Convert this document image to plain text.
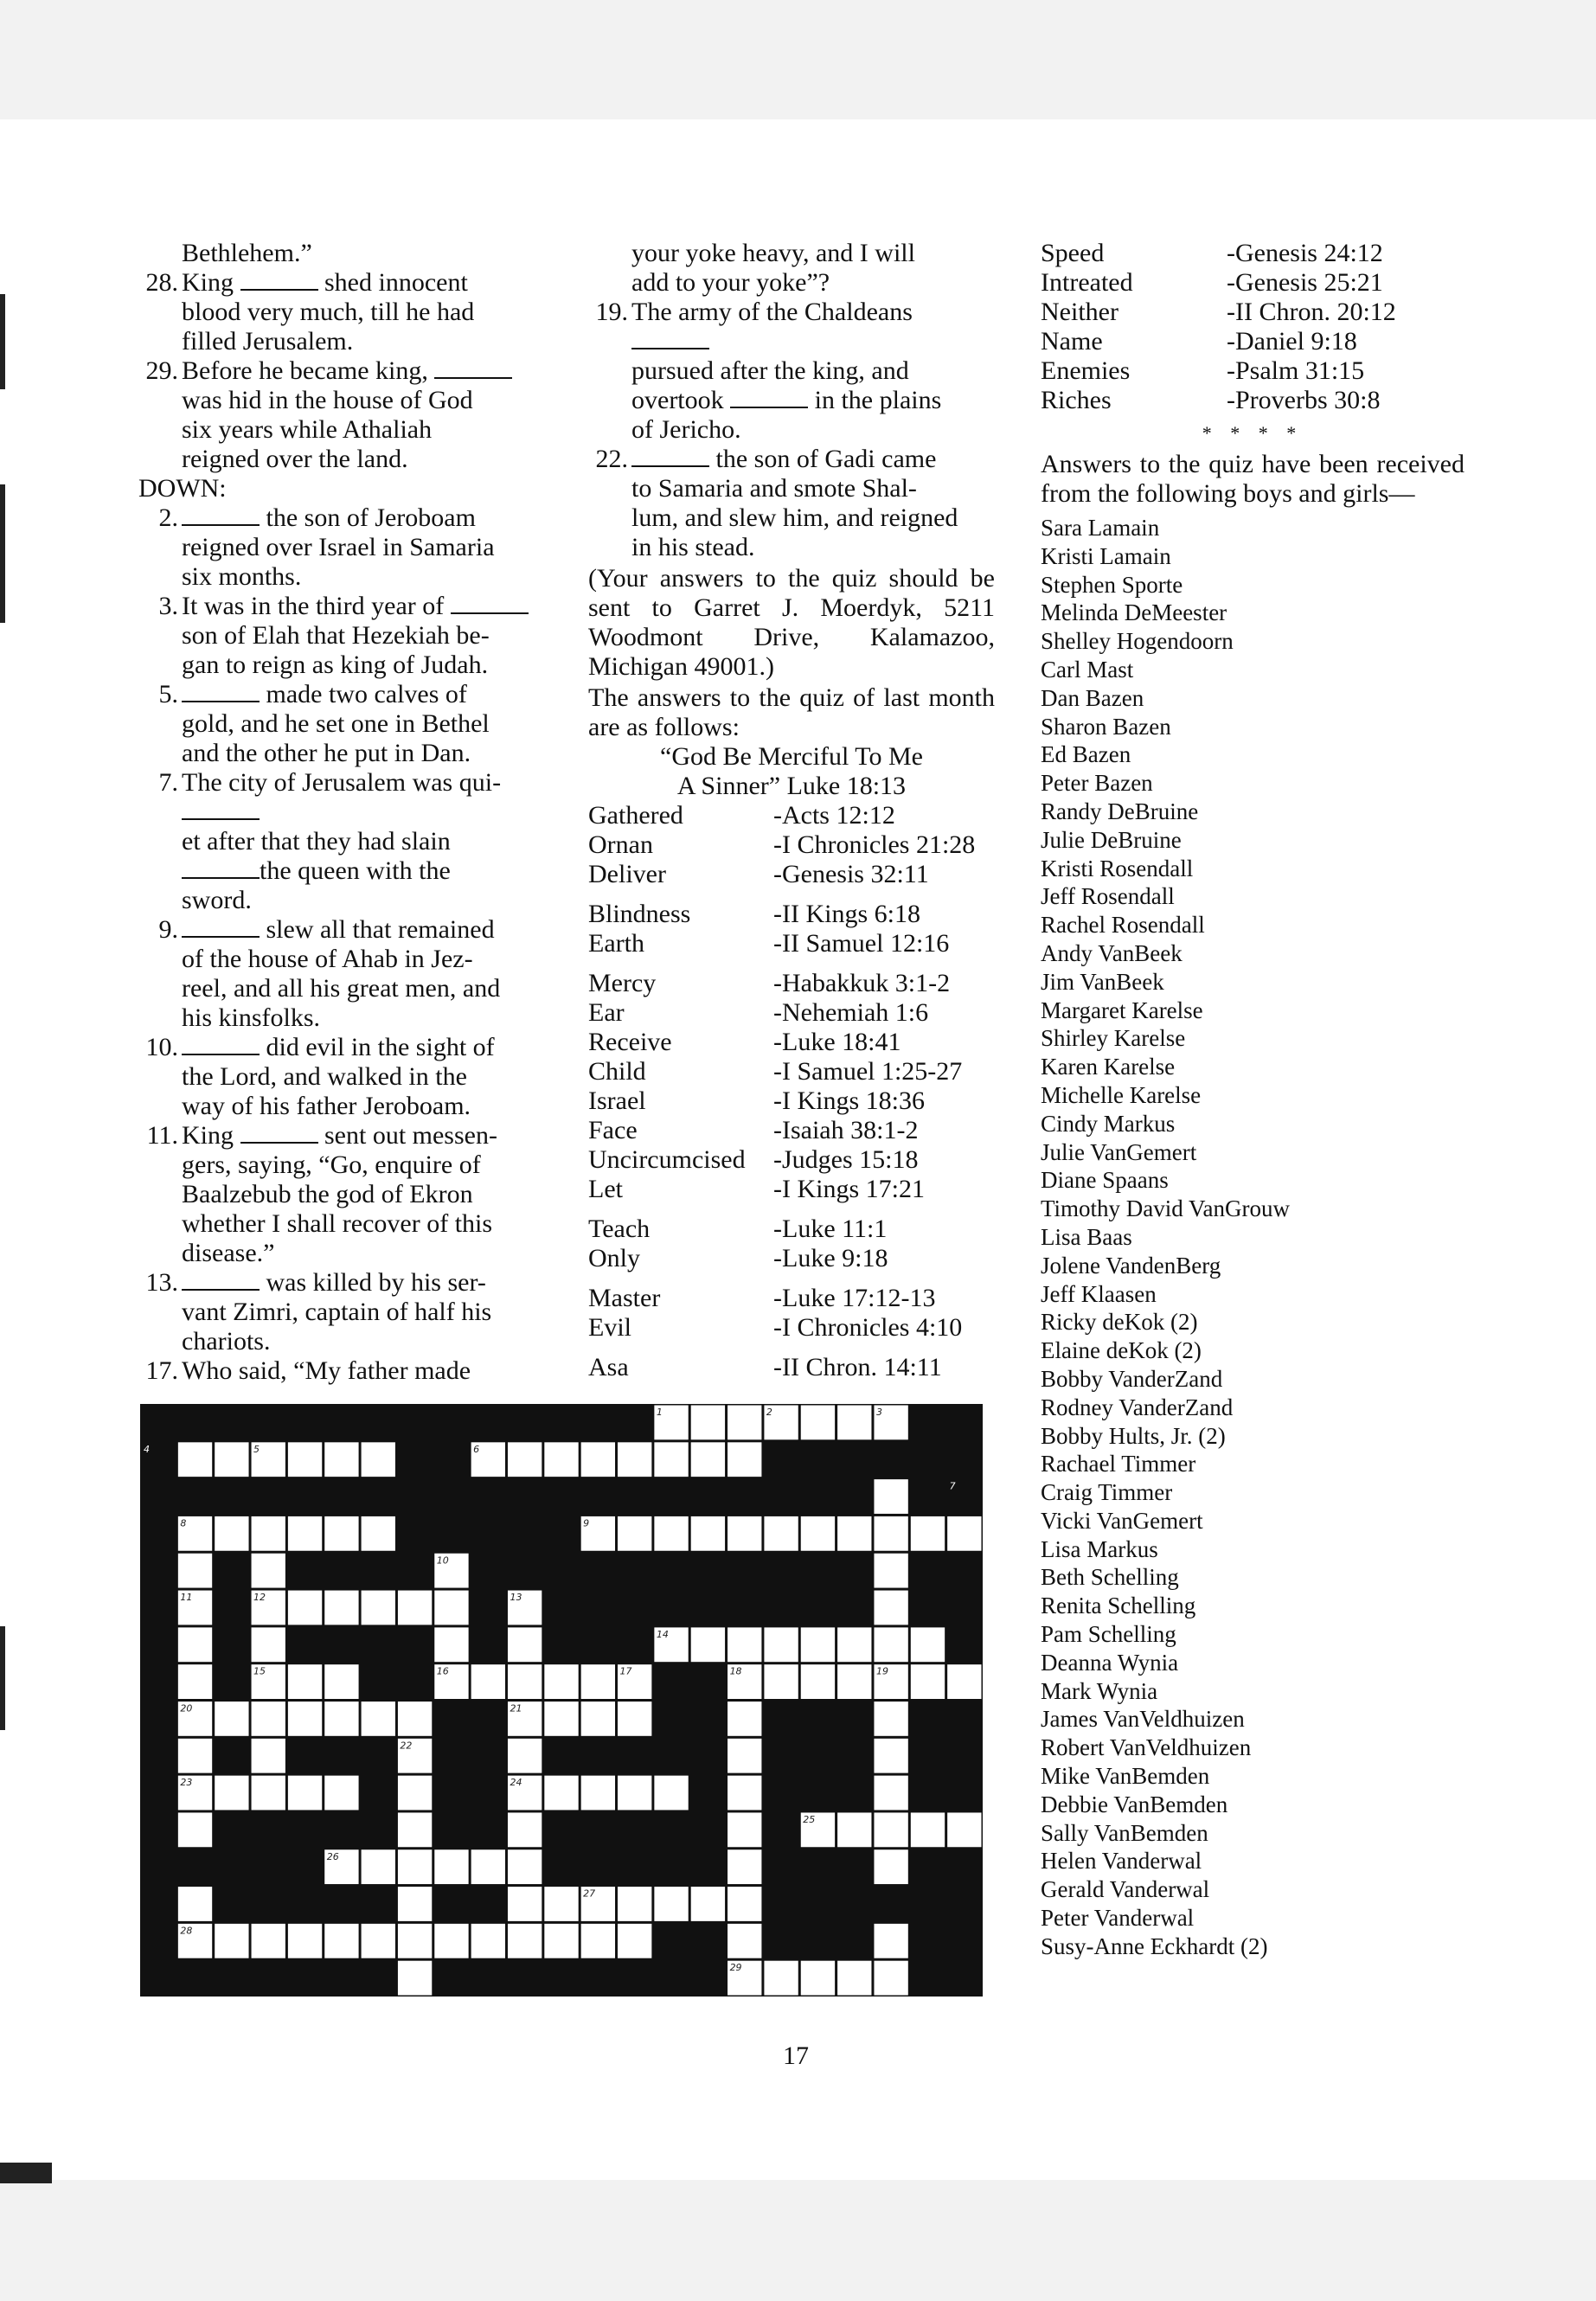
Bethlehem.”
28. King	shed innocent
blood very much, till he had
filled Jerusalem.
29. Before he became king,
was hid in the house of God
six years while Athaliah
reigned over the land.
DOWN:
2.	the son of Jeroboam
reigned over Israel in Samaria
six months.
3. It was in the third year of
son of Elah that Hezekiah be-
gan to reign as king of Judah.
5.	made two calves of
gold, and he set one in Bethel
and the other he put in Dan.
7. The city of Jerusalem was qui-
et after that they had slain
the queen with the
sword.
9.	slew all that remained
of the house of Ahab in Jez-
reel, and all his great men, and
his kinsfolks.
10.	did evil in the sight of
the Lord, and walked in the
way of his father Jeroboam.
11. King	sent out messen-
gers, saying, “Go, enquire of
Baalzebub the god of Ekron
whether I shall recover of this
disease.”
13.	was killed by his ser-
vant Zimri, captain of half his
chariots.
17. Who said, “My father made
your yoke heavy, and I will
add to your yoke”?
19. The army of the Chaldeans
pursued after the king, and
overtook	in the plains
of Jericho.
22.	the son of Gadi came
to Samaria and smote Shal-
lum, and slew him, and reigned
in his stead.

(Your answers to the quiz should be sent to Garret J. Moerdyk, 5211 Woodmont Drive, Kalamazoo, Michigan 49001.)

The answers to the quiz of last month are as follows:

“God Be Merciful To Me
A Sinner” Luke 18:13
Gathered	-Acts 12:12
Ornan	-I Chronicles 21:28
Deliver	-Genesis 32:11
Blindness	-II Kings 6:18
Earth	-II Samuel 12:16
Mercy	-Habakkuk 3:1-2
Ear	-Nehemiah 1:6
Receive	-Luke 18:41
Child	-I Samuel 1:25-27
Israel	-I Kings 18:36
Face	-Isaiah 38:1-2
Uncircumcised	-Judges 15:18
Let	-I Kings 17:21
Teach	-Luke 11:1
Only	-Luke 9:18
Master	-Luke 17:12-13
Evil	-I Chronicles 4:10
Asa	-II Chron. 14:11
Speed	-Genesis 24:12
Intreated	-Genesis 25:21
Neither	-II Chron. 20:12
Name	-Daniel 9:18
Enemies	-Psalm 31:15
Riches	-Proverbs 30:8
* * * *

Answers to the quiz have been received from the following boys and girls—

Sara Lamain
Kristi Lamain
Stephen Sporte
Melinda DeMeester
Shelley Hogendoorn
Carl Mast
Dan Bazen
Sharon Bazen
Ed Bazen
Peter Bazen
Randy DeBruine
Julie DeBruine
Kristi Rosendall
Jeff Rosendall
Rachel Rosendall
Andy VanBeek
Jim VanBeek
Margaret Karelse
Shirley Karelse
Karen Karelse
Michelle Karelse
Cindy Markus
Julie VanGemert
Diane Spaans
Timothy David VanGrouw
Lisa Baas
Jolene VandenBerg
Jeff Klaasen
Ricky deKok (2)
Elaine deKok (2)
Bobby VanderZand
Rodney VanderZand
Bobby Hults, Jr. (2)
Rachael Timmer
Craig Timmer
Vicki VanGemert
Lisa Markus
Beth Schelling
Renita Schelling
Pam Schelling
Deanna Wynia
Mark Wynia
James VanVeldhuizen
Robert VanVeldhuizen
Mike VanBemden
Debbie VanBemden
Sally VanBemden
Helen Vanderwal
Gerald Vanderwal
Peter Vanderwal
Susy-Anne Eckhardt (2)
1	2	3
4	5	6
7
8	9
10
11	12	13
14
15	16	17	18	19
20	21
22
23	24
25
26
27
28
29
17
